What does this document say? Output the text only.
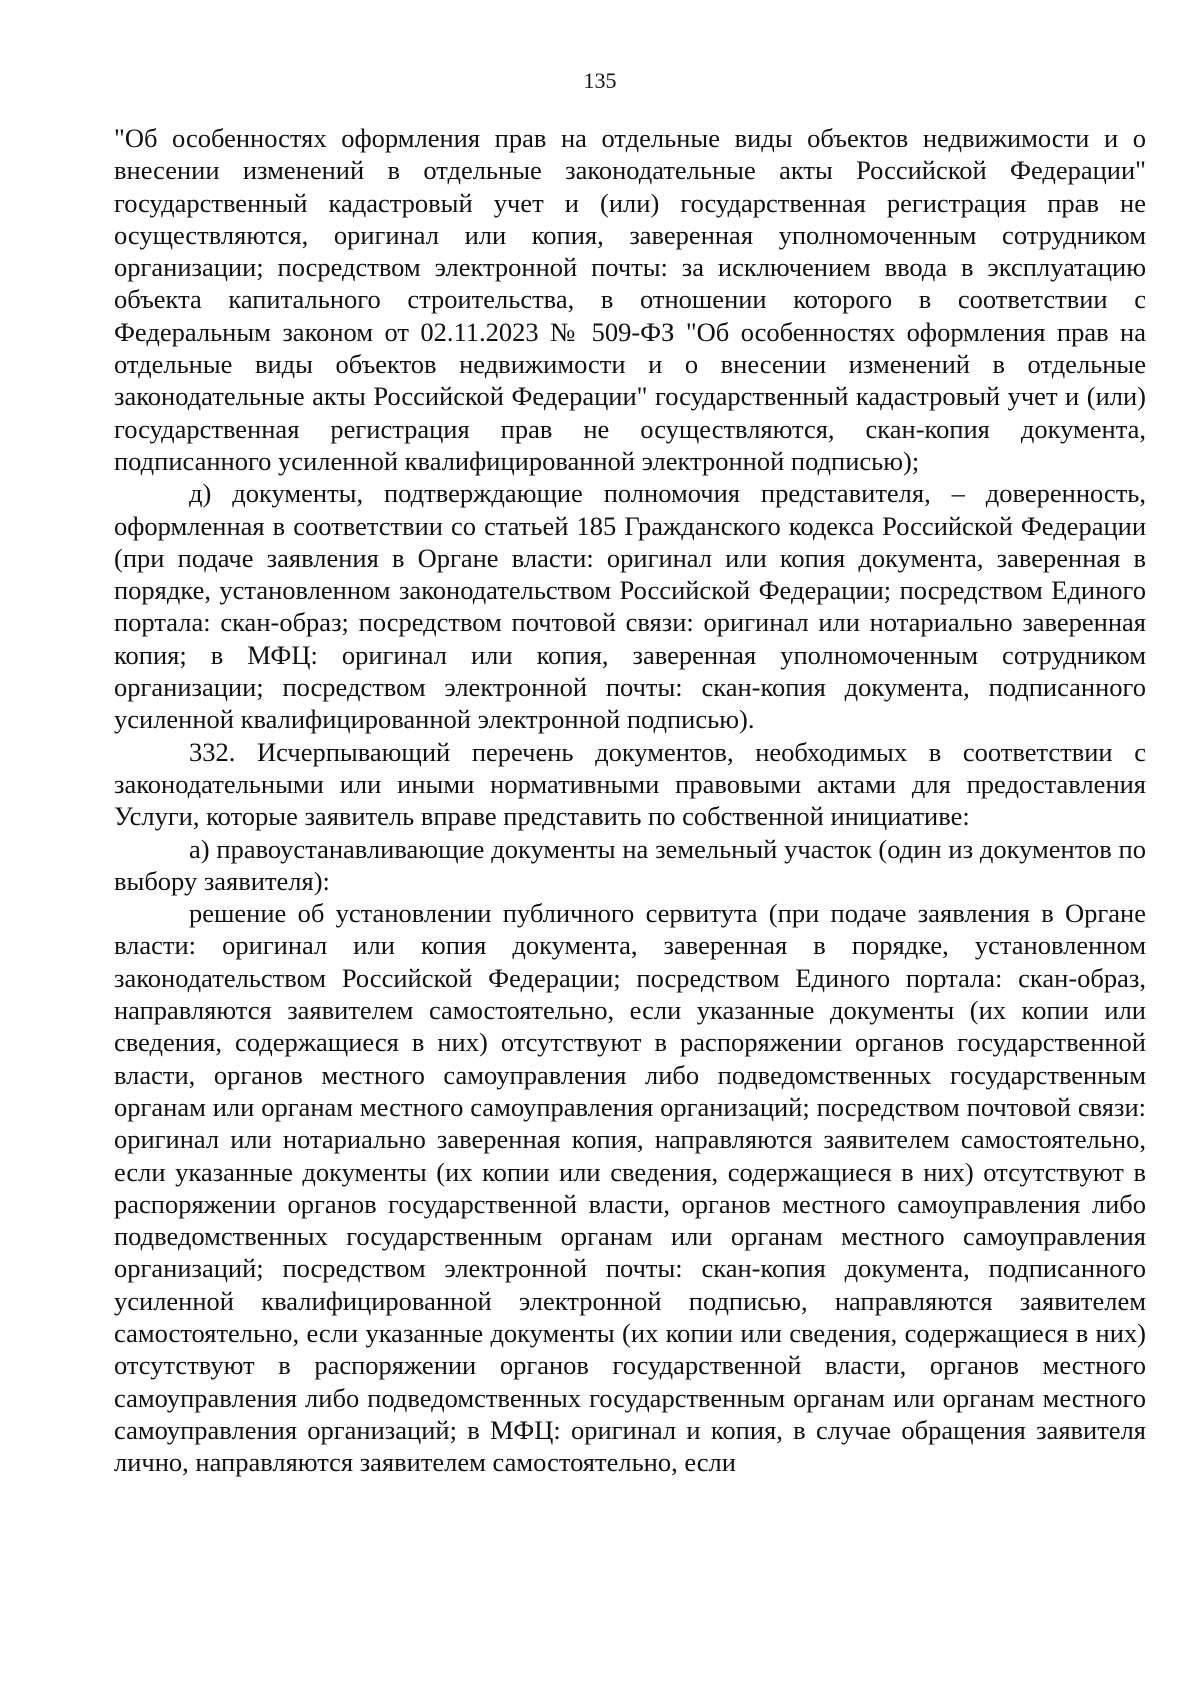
135

"Об особенностях оформления прав на отдельные виды объектов недвижимости и о внесении изменений в отдельные законодательные акты Российской Федерации" государственный кадастровый учет и (или) государственная регистрация прав не осуществляются, оригинал или копия, заверенная уполномоченным сотрудником организации; посредством электронной почты: за исключением ввода в эксплуатацию объекта капитального строительства, в отношении которого в соответствии с Федеральным законом от 02.11.2023 № 509-ФЗ "Об особенностях оформления прав на отдельные виды объектов недвижимости и о внесении изменений в отдельные законодательные акты Российской Федерации" государственный кадастровый учет и (или) государственная регистрация прав не осуществляются, скан-копия документа, подписанного усиленной квалифицированной электронной подписью);

д) документы, подтверждающие полномочия представителя, – доверенность, оформленная в соответствии со статьей 185 Гражданского кодекса Российской Федерации (при подаче заявления в Органе власти: оригинал или копия документа, заверенная в порядке, установленном законодательством Российской Федерации; посредством Единого портала: скан-образ; посредством почтовой связи: оригинал или нотариально заверенная копия; в МФЦ: оригинал или копия, заверенная уполномоченным сотрудником организации; посредством электронной почты: скан-копия документа, подписанного усиленной квалифицированной электронной подписью).

332. Исчерпывающий перечень документов, необходимых в соответствии с законодательными или иными нормативными правовыми актами для предоставления Услуги, которые заявитель вправе представить по собственной инициативе:

а) правоустанавливающие документы на земельный участок (один из документов по выбору заявителя):

решение об установлении публичного сервитута (при подаче заявления в Органе власти: оригинал или копия документа, заверенная в порядке, установленном законодательством Российской Федерации; посредством Единого портала: скан-образ, направляются заявителем самостоятельно, если указанные документы (их копии или сведения, содержащиеся в них) отсутствуют в распоряжении органов государственной власти, органов местного самоуправления либо подведомственных государственным органам или органам местного самоуправления организаций; посредством почтовой связи: оригинал или нотариально заверенная копия, направляются заявителем самостоятельно, если указанные документы (их копии или сведения, содержащиеся в них) отсутствуют в распоряжении органов государственной власти, органов местного самоуправления либо подведомственных государственным органам или органам местного самоуправления организаций; посредством электронной почты: скан-копия документа, подписанного усиленной квалифицированной электронной подписью, направляются заявителем самостоятельно, если указанные документы (их копии или сведения, содержащиеся в них) отсутствуют в распоряжении органов государственной власти, органов местного самоуправления либо подведомственных государственным органам или органам местного самоуправления организаций; в МФЦ: оригинал и копия, в случае обращения заявителя лично, направляются заявителем самостоятельно, если
